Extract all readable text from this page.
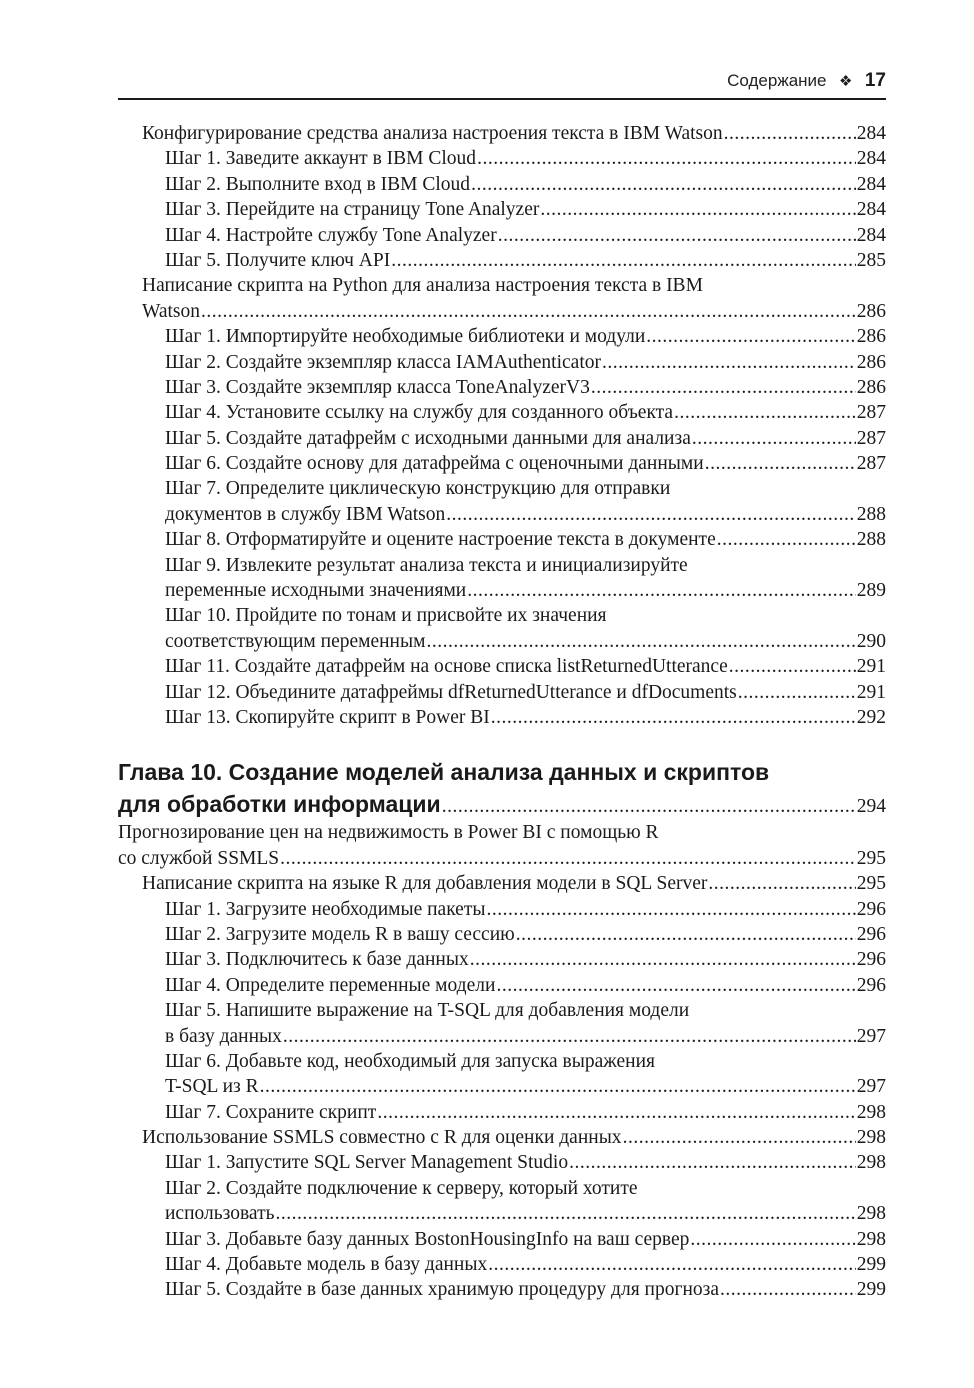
Содержание ❖ 17
Конфигурирование средства анализа настроения текста в IBM Watson .....	284
Шаг 1. Заведите аккаунт в IBM Cloud .....	284
Шаг 2. Выполните вход в IBM Cloud .....	284
Шаг 3. Перейдите на страницу Tone Analyzer .....	284
Шаг 4. Настройте службу Tone Analyzer .....	284
Шаг 5. Получите ключ API .....	285
Написание скрипта на Python для анализа настроения текста в IBM
Watson .....	286
Шаг 1. Импортируйте необходимые библиотеки и модули .....	286
Шаг 2. Создайте экземпляр класса IAMAuthenticator .....	286
Шаг 3. Создайте экземпляр класса ToneAnalyzerV3 .....	286
Шаг 4. Установите ссылку на службу для созданного объекта .....	287
Шаг 5. Создайте датафрейм с исходными данными для анализа .....	287
Шаг 6. Создайте основу для датафрейма с оценочными данными .....	287
Шаг 7. Определите циклическую конструкцию для отправки
документов в службу IBM Watson .....	288
Шаг 8. Отформатируйте и оцените настроение текста в документе .....	288
Шаг 9. Извлеките результат анализа текста и инициализируйте
переменные исходными значениями .....	289
Шаг 10. Пройдите по тонам и присвойте их значения
соответствующим переменным .....	290
Шаг 11. Создайте датафрейм на основе списка listReturnedUtterance .....	291
Шаг 12. Объедините датафреймы dfReturnedUtterance и dfDocuments .....	291
Шаг 13. Скопируйте скрипт в Power BI .....	292
Глава 10. Создание моделей анализа данных и скриптов
для обработки информации .....	294
Прогнозирование цен на недвижимость в Power BI с помощью R
со службой SSMLS .....	295
Написание скрипта на языке R для добавления модели в SQL Server .....	295
Шаг 1. Загрузите необходимые пакеты .....	296
Шаг 2. Загрузите модель R в вашу сессию .....	296
Шаг 3. Подключитесь к базе данных .....	296
Шаг 4. Определите переменные модели .....	296
Шаг 5. Напишите выражение на T-SQL для добавления модели
в базу данных .....	297
Шаг 6. Добавьте код, необходимый для запуска выражения
T-SQL из R .....	297
Шаг 7. Сохраните скрипт .....	298
Использование SSMLS совместно с R для оценки данных .....	298
Шаг 1. Запустите SQL Server Management Studio .....	298
Шаг 2. Создайте подключение к серверу, который хотите
использовать .....	298
Шаг 3. Добавьте базу данных BostonHousingInfo на ваш сервер .....	298
Шаг 4. Добавьте модель в базу данных .....	299
Шаг 5. Создайте в базе данных хранимую процедуру для прогноза .....	299
